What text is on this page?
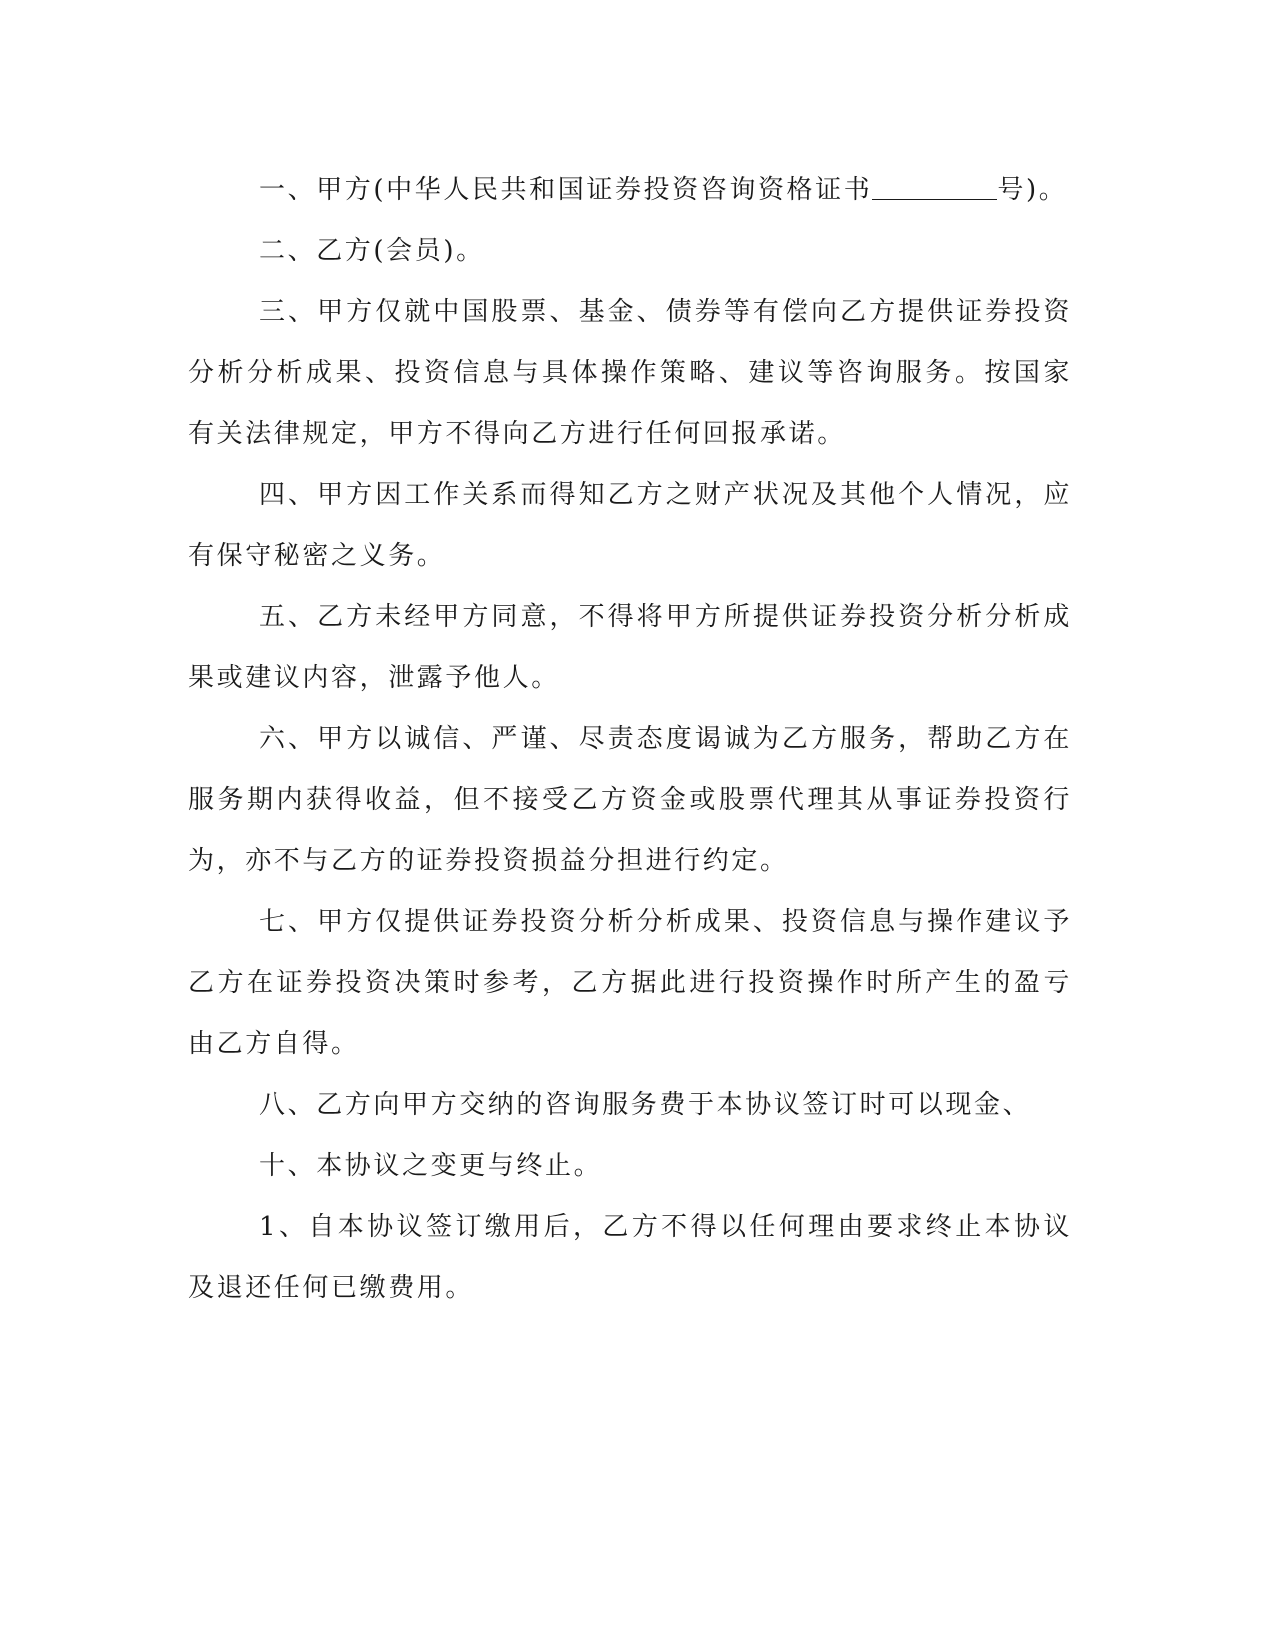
一、甲方(中华人民共和国证券投资咨询资格证书	号)。

二、乙方(会员)。

三、甲方仅就中国股票、基金、债券等有偿向乙方提供证券投资分析分析成果、投资信息与具体操作策略、建议等咨询服务。按国家有关法律规定，甲方不得向乙方进行任何回报承诺。

四、甲方因工作关系而得知乙方之财产状况及其他个人情况，应有保守秘密之义务。

五、乙方未经甲方同意，不得将甲方所提供证券投资分析分析成果或建议内容，泄露予他人。

六、甲方以诚信、严谨、尽责态度谒诚为乙方服务，帮助乙方在服务期内获得收益，但不接受乙方资金或股票代理其从事证券投资行为，亦不与乙方的证券投资损益分担进行约定。

七、甲方仅提供证券投资分析分析成果、投资信息与操作建议予乙方在证券投资决策时参考，乙方据此进行投资操作时所产生的盈亏由乙方自得。

八、乙方向甲方交纳的咨询服务费于本协议签订时可以现金、

十、本协议之变更与终止。

1、自本协议签订缴用后，乙方不得以任何理由要求终止本协议及退还任何已缴费用。
